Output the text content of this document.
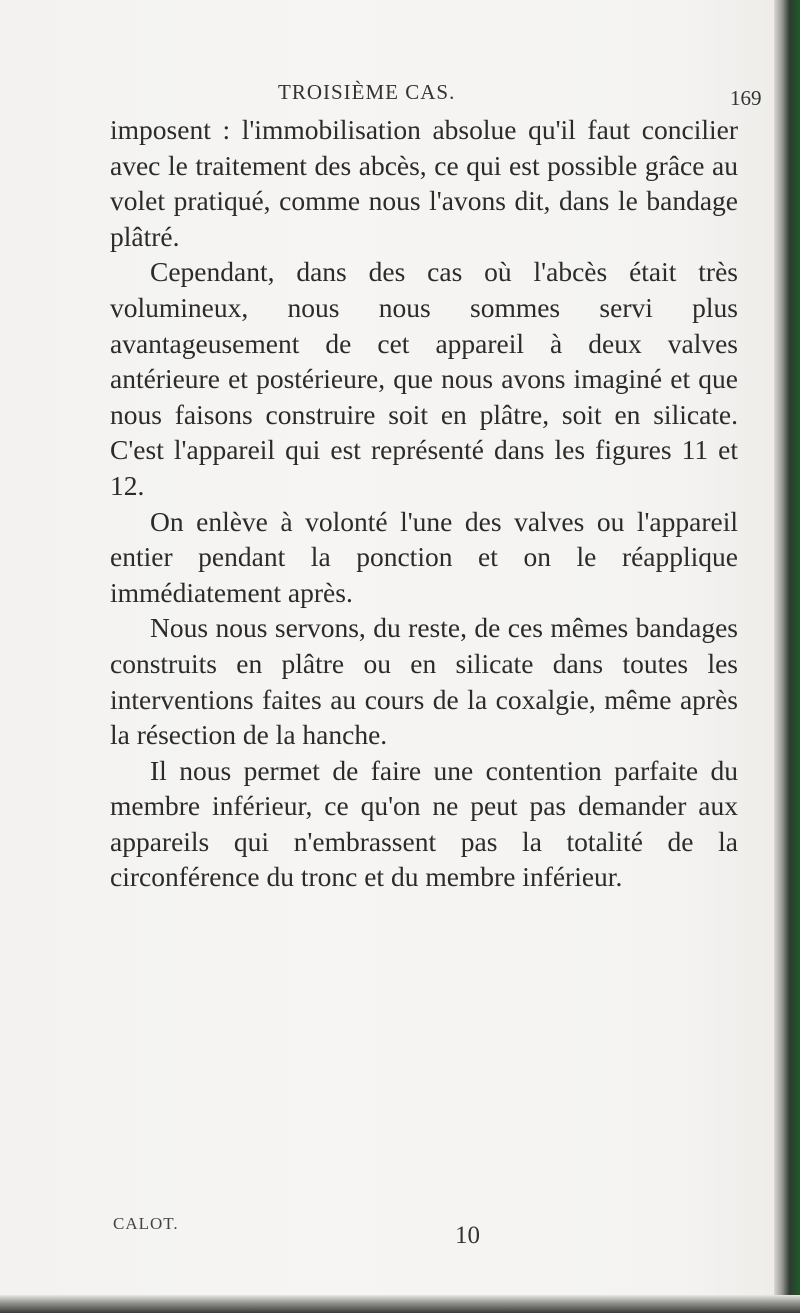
TROISIÈME CAS.	169

imposent : l'immobilisation absolue qu'il faut concilier avec le traitement des abcès, ce qui est possible grâce au volet pratiqué, comme nous l'avons dit, dans le bandage plâtré.

Cependant, dans des cas où l'abcès était très volumineux, nous nous sommes servi plus avantageusement de cet appareil à deux valves antérieure et postérieure, que nous avons imaginé et que nous faisons construire soit en plâtre, soit en silicate. C'est l'appareil qui est représenté dans les figures 11 et 12.

On enlève à volonté l'une des valves ou l'appareil entier pendant la ponction et on le réapplique immédiatement après.

Nous nous servons, du reste, de ces mêmes bandages construits en plâtre ou en silicate dans toutes les interventions faites au cours de la coxalgie, même après la résection de la hanche.

Il nous permet de faire une contention parfaite du membre inférieur, ce qu'on ne peut pas demander aux appareils qui n'embrassent pas la totalité de la circonférence du tronc et du membre inférieur.

CALOT.	10
